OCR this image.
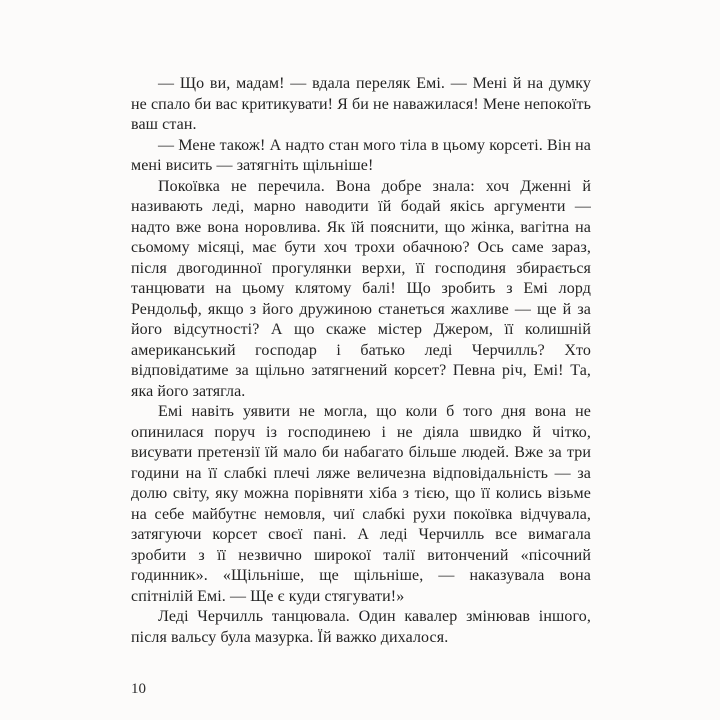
— Що ви, мадам! — вдала переляк Емі. — Мені й на думку не спало би вас критикувати! Я би не наважилася! Мене непокоїть ваш стан.

— Мене також! А надто стан мого тіла в цьому корсеті. Він на мені висить — затягніть щільніше!

Покоївка не перечила. Вона добре знала: хоч Дженні й називають леді, марно наводити їй бодай якісь аргументи — надто вже вона норовлива. Як їй пояснити, що жінка, вагітна на сьомому місяці, має бути хоч трохи обачною? Ось саме зараз, після двогодинної прогулянки верхи, її господиня збирається танцювати на цьому клятому балі! Що зробить з Емі лорд Рендольф, якщо з його дружиною станеться жахливе — ще й за його відсутності? А що скаже містер Джером, її колишній американський господар і батько леді Черчилль? Хто відповідатиме за щільно затягнений корсет? Певна річ, Емі! Та, яка його затягла.

Емі навіть уявити не могла, що коли б того дня вона не опинилася поруч із господинею і не діяла швидко й чітко, висувати претензії їй мало би набагато більше людей. Вже за три години на її слабкі плечі ляже величезна відповідальність — за долю світу, яку можна порівняти хіба з тією, що її колись візьме на себе майбутнє немовля, чиї слабкі рухи покоївка відчувала, затягуючи корсет своєї пані. А леді Черчилль все вимагала зробити з її незвично широкої талії витончений «пісочний годинник». «Щільніше, ще щільніше, — наказувала вона спітнілій Емі. — Ще є куди стягувати!»

Леді Черчилль танцювала. Один кавалер змінював іншого, після вальсу була мазурка. Їй важко дихалося.

10
